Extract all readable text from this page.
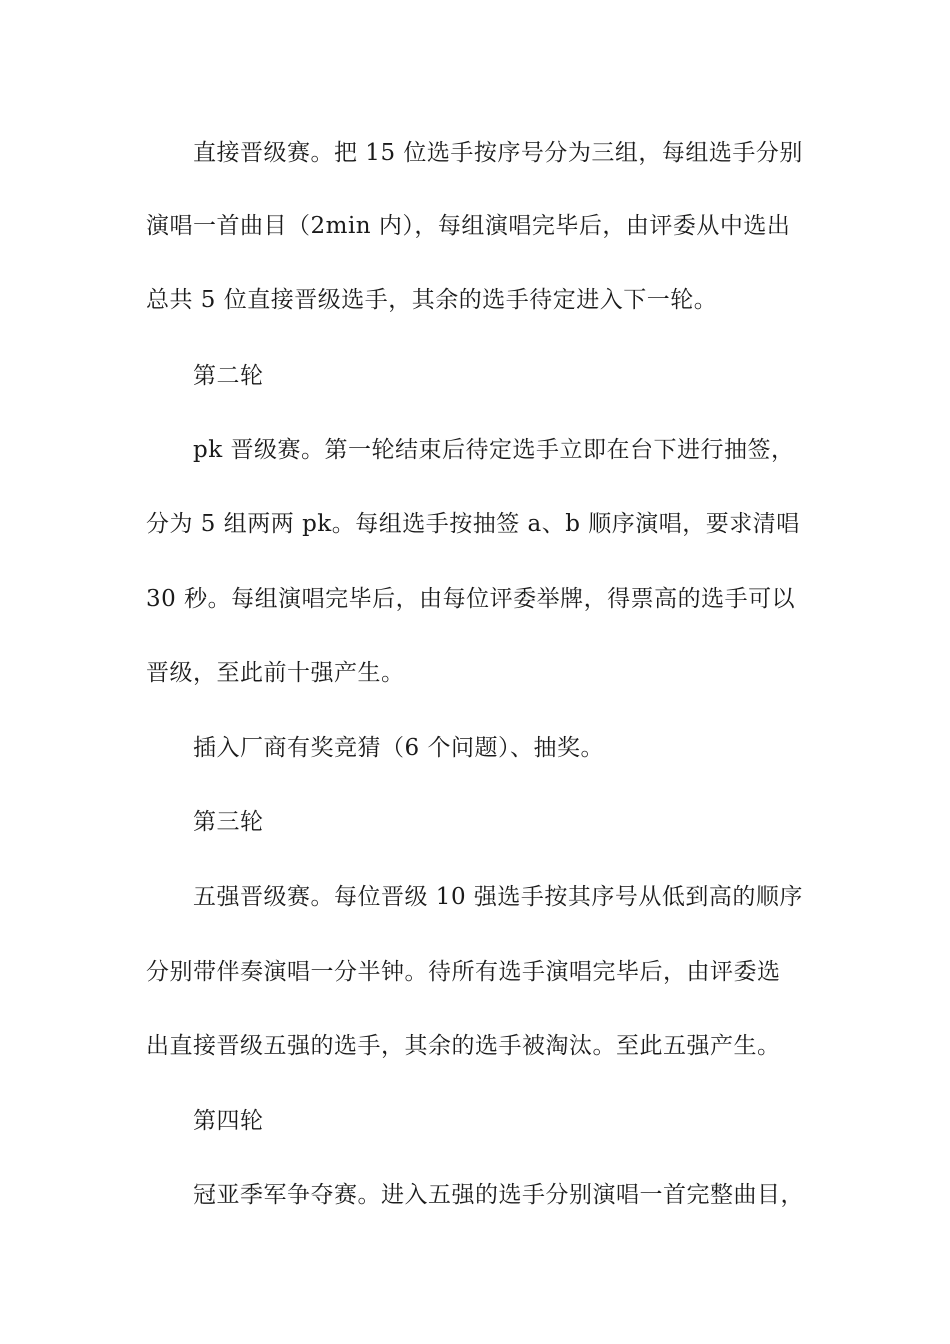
直接晋级赛。把 15 位选手按序号分为三组，每组选手分别
演唱一首曲目（2min 内），每组演唱完毕后，由评委从中选出
总共 5 位直接晋级选手，其余的选手待定进入下一轮。
第二轮
pk 晋级赛。第一轮结束后待定选手立即在台下进行抽签，
分为 5 组两两 pk。每组选手按抽签 a、b 顺序演唱，要求清唱
30 秒。每组演唱完毕后，由每位评委举牌，得票高的选手可以
晋级，至此前十强产生。
插入厂商有奖竞猜（6 个问题）、抽奖。
第三轮
五强晋级赛。每位晋级 10 强选手按其序号从低到高的顺序
分别带伴奏演唱一分半钟。待所有选手演唱完毕后，由评委选
出直接晋级五强的选手，其余的选手被淘汰。至此五强产生。
第四轮
冠亚季军争夺赛。进入五强的选手分别演唱一首完整曲目，
